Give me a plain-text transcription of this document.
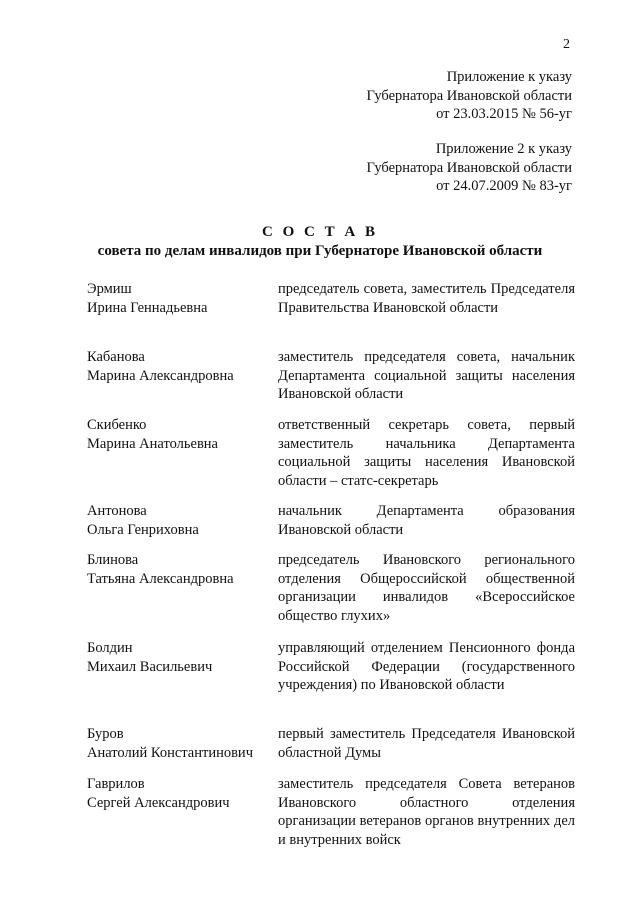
2
Приложение к указу
Губернатора Ивановской области
от 23.03.2015 № 56-уг
Приложение 2 к указу
Губернатора Ивановской области
от 24.07.2009 № 83-уг
С О С Т А В
совета по делам инвалидов при Губернаторе Ивановской области
Эрмиш
Ирина Геннадьевна
председатель совета, заместитель Председателя Правительства Ивановской области
Кабанова
Марина Александровна
заместитель председателя совета, начальник Департамента социальной защиты населения Ивановской области
Скибенко
Марина Анатольевна
ответственный секретарь совета, первый заместитель начальника Департамента социальной защиты населения Ивановской области – статс-секретарь
Антонова
Ольга Генриховна
начальник Департамента образования Ивановской области
Блинова
Татьяна Александровна
председатель Ивановского регионального отделения Общероссийской общественной организации инвалидов «Всероссийское общество глухих»
Болдин
Михаил Васильевич
управляющий отделением Пенсионного фонда Российской Федерации (государственного учреждения) по Ивановской области
Буров
Анатолий Константинович
первый заместитель Председателя Ивановской областной Думы
Гаврилов
Сергей Александрович
заместитель председателя Совета ветеранов Ивановского областного отделения организации ветеранов органов внутренних дел и внутренних войск
